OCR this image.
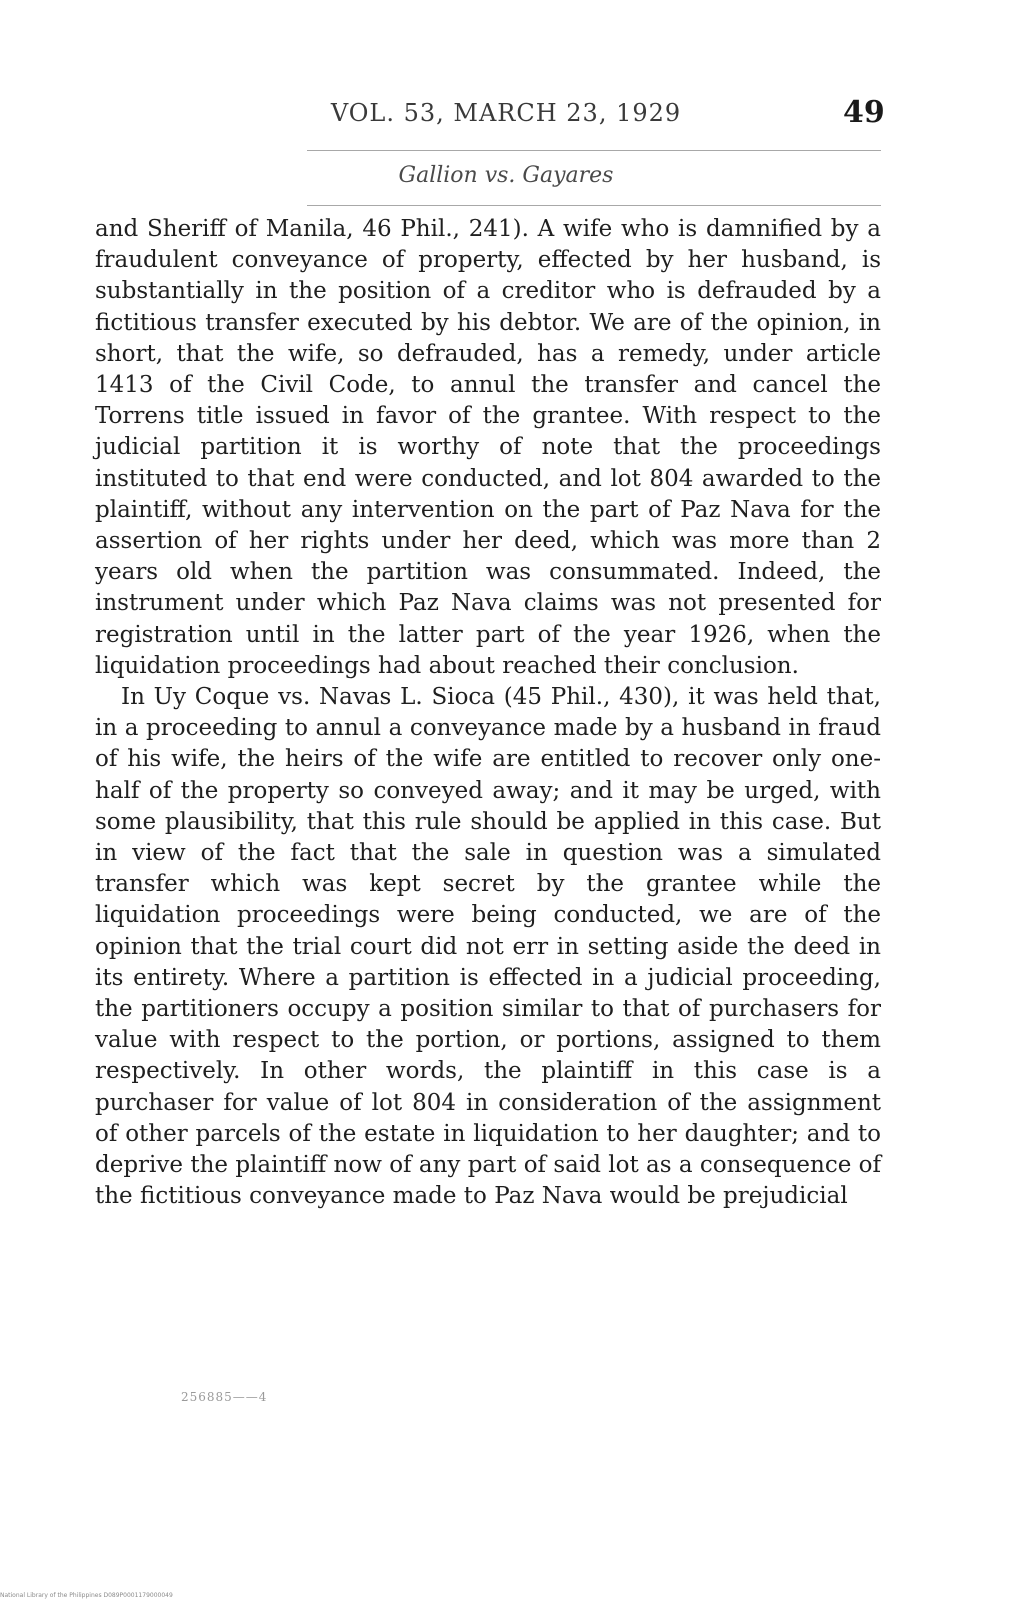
VOL. 53, MARCH 23, 1929	49
Gallion vs. Gayares

and Sheriff of Manila, 46 Phil., 241). A wife who is damnified by a fraudulent conveyance of property, effected by her husband, is substantially in the position of a creditor who is defrauded by a fictitious transfer executed by his debtor. We are of the opinion, in short, that the wife, so defrauded, has a remedy, under article 1413 of the Civil Code, to annul the transfer and cancel the Torrens title issued in favor of the grantee. With respect to the judicial partition it is worthy of note that the proceedings instituted to that end were conducted, and lot 804 awarded to the plaintiff, without any intervention on the part of Paz Nava for the assertion of her rights under her deed, which was more than 2 years old when the partition was consummated. Indeed, the instrument under which Paz Nava claims was not presented for registration until in the latter part of the year 1926, when the liquidation proceedings had about reached their conclusion.

In Uy Coque vs. Navas L. Sioca (45 Phil., 430), it was held that, in a proceeding to annul a conveyance made by a husband in fraud of his wife, the heirs of the wife are entitled to recover only one-half of the property so conveyed away; and it may be urged, with some plausibility, that this rule should be applied in this case. But in view of the fact that the sale in question was a simulated transfer which was kept secret by the grantee while the liquidation proceedings were being conducted, we are of the opinion that the trial court did not err in setting aside the deed in its entirety. Where a partition is effected in a judicial proceeding, the partitioners occupy a position similar to that of purchasers for value with respect to the portion, or portions, assigned to them respectively. In other words, the plaintiff in this case is a purchaser for value of lot 804 in consideration of the assignment of other parcels of the estate in liquidation to her daughter; and to deprive the plaintiff now of any part of said lot as a consequence of the fictitious conveyance made to Paz Nava would be prejudicial

256885——4
National Library of the Philippines D089P0001179000049
